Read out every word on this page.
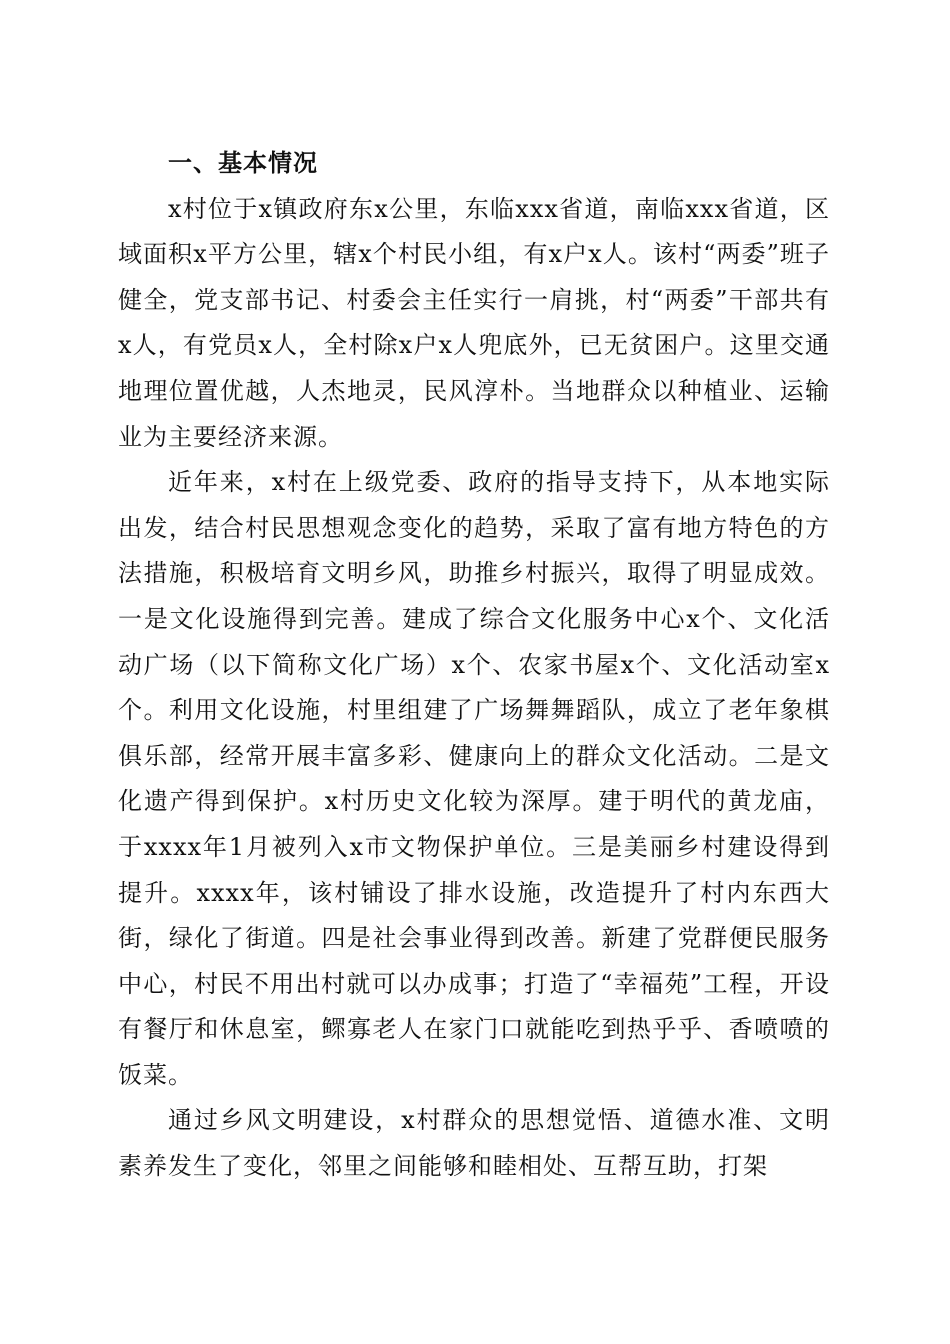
一、基本情况

x村位于x镇政府东x公里，东临xxx省道，南临xxx省道，区域面积x平方公里，辖x个村民小组，有x户x人。该村“两委”班子健全，党支部书记、村委会主任实行一肩挑，村“两委”干部共有x人，有党员x人，全村除x户x人兜底外，已无贫困户。这里交通地理位置优越，人杰地灵，民风淳朴。当地群众以种植业、运输业为主要经济来源。

近年来，x村在上级党委、政府的指导支持下，从本地实际出发，结合村民思想观念变化的趋势，采取了富有地方特色的方法措施，积极培育文明乡风，助推乡村振兴，取得了明显成效。一是文化设施得到完善。建成了综合文化服务中心x个、文化活动广场（以下简称文化广场）x个、农家书屋x个、文化活动室x个。利用文化设施，村里组建了广场舞舞蹈队，成立了老年象棋俱乐部，经常开展丰富多彩、健康向上的群众文化活动。二是文化遗产得到保护。x村历史文化较为深厚。建于明代的黄龙庙，于xxxx年1月被列入x市文物保护单位。三是美丽乡村建设得到提升。xxxx年，该村铺设了排水设施，改造提升了村内东西大街，绿化了街道。四是社会事业得到改善。新建了党群便民服务中心，村民不用出村就可以办成事；打造了“幸福苑”工程，开设有餐厅和休息室，鳏寡老人在家门口就能吃到热乎乎、香喷喷的饭菜。

通过乡风文明建设，x村群众的思想觉悟、道德水准、文明素养发生了变化，邻里之间能够和睦相处、互帮互助，打架
